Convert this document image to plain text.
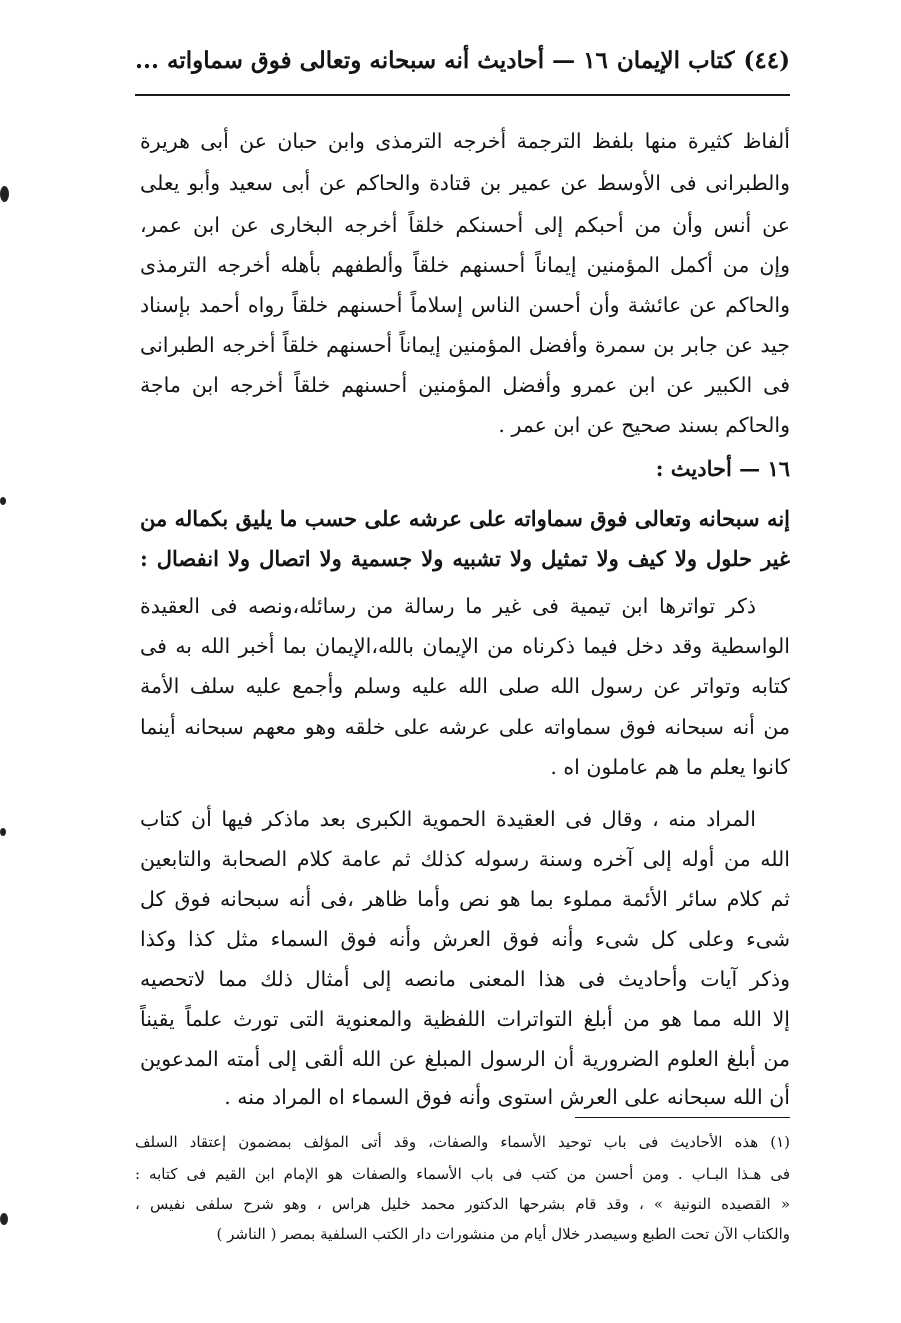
(٤٤)
كتاب الإيمان
١٦ — أحاديث أنه سبحانه وتعالى فوق سماواته ...
ألفاظ كثيرة منها بلفظ الترجمة أخرجه الترمذى وابن حبان عن أبى هريرة
والطبرانى فى الأوسط عن عمير بن قتادة والحاكم عن أبى سعيد وأبو يعلى
عن أنس وأن من أحبكم إلى أحسنكم خلقاً أخرجه البخارى عن ابن عمر،
وإن من أكمل المؤمنين إيماناً أحسنهم خلقاً وألطفهم بأهله أخرجه الترمذى
والحاكم عن عائشة وأن أحسن الناس إسلاماً أحسنهم خلقاً رواه أحمد بإسناد
جيد عن جابر بن سمرة وأفضل المؤمنين إيماناً أحسنهم خلقاً أخرجه الطبرانى
فى الكبير عن ابن عمرو وأفضل المؤمنين أحسنهم خلقاً أخرجه ابن ماجة
والحاكم بسند صحيح عن ابن عمر .
١٦ — أحاديث :
إنه سبحانه وتعالى فوق سماواته على عرشه على حسب ما يليق بكماله من
غير حلول ولا كيف ولا تمثيل ولا تشبيه ولا جسمية ولا اتصال ولا انفصال :
ذكر تواترها ابن تيمية فى غير ما رسالة من رسائله،ونصه فى العقيدة
الواسطية وقد دخل فيما ذكرناه من الإيمان بالله،الإيمان بما أخبر الله به فى
كتابه وتواتر عن رسول الله صلى الله عليه وسلم وأجمع عليه سلف الأمة
من أنه سبحانه فوق سماواته على عرشه على خلقه وهو معهم سبحانه أينما
كانوا يعلم ما هم عاملون اه .
المراد منه ، وقال فى العقيدة الحموية الكبرى بعد ماذكر فيها أن كتاب
الله من أوله إلى آخره وسنة رسوله كذلك ثم عامة كلام الصحابة والتابعين
ثم كلام سائر الأئمة مملوء بما هو نص وأما ظاهر ،فى أنه سبحانه فوق كل
شىء وعلى كل شىء وأنه فوق العرش وأنه فوق السماء مثل كذا وكذا
وذكر آيات وأحاديث فى هذا المعنى مانصه إلى أمثال ذلك مما لاتحصيه
إلا الله مما هو من أبلغ التواترات اللفظية والمعنوية التى تورث علماً يقيناً
من أبلغ العلوم الضرورية أن الرسول المبلغ عن الله ألقى إلى أمته المدعوين
أن الله سبحانه على العرش استوى وأنه فوق السماء اه المراد منه .
(١) هذه الأحاديث فى باب توحيد الأسماء والصفات، وقد أتى المؤلف بمضمون إعتقاد السلف
فى هـذا البـاب . ومن أحسن من كتب فى باب الأسماء والصفات هو الإمام ابن القيم فى كتابه :
« القصيده النونية » ، وقد قام بشرحها الدكتور محمد خليل هراس ، وهو شرح سلفى نفيس ،
والكتاب الآن تحت الطبع وسيصدر خلال أيام من منشورات دار الكتب السلفية بمصر ( الناشر )
